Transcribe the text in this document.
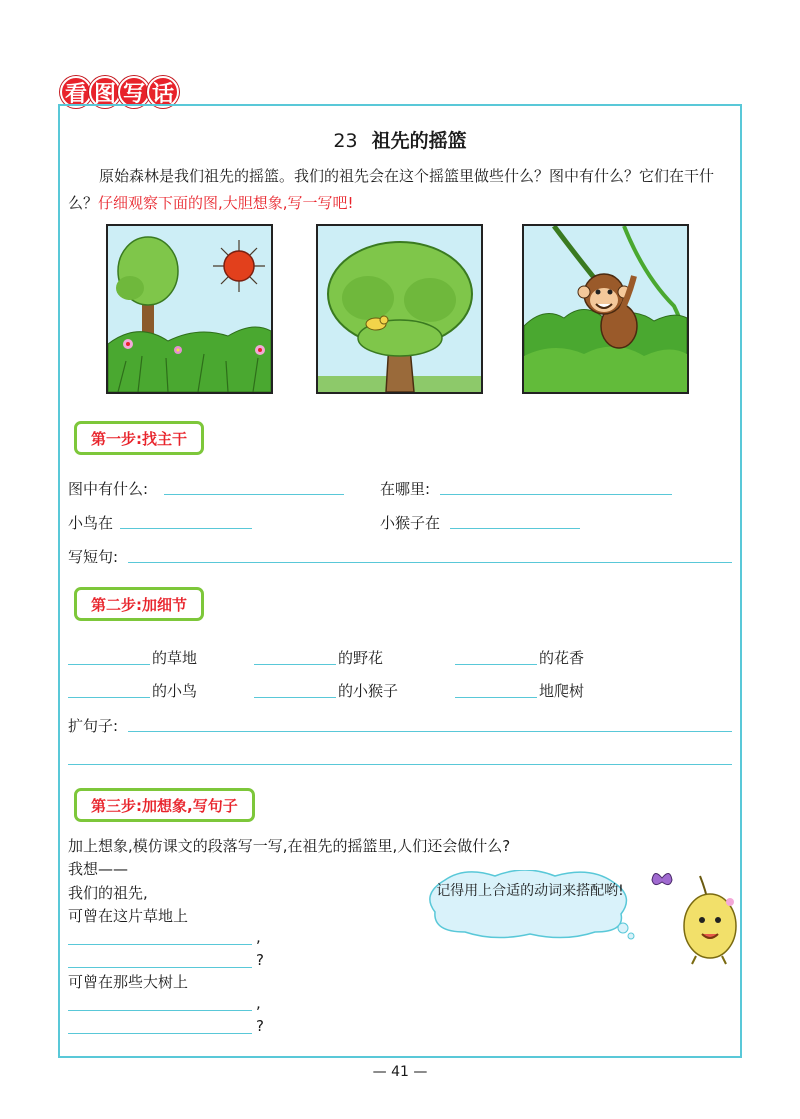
看 图 写 话
23 祖先的摇篮
原始森林是我们祖先的摇篮。我们的祖先会在这个摇篮里做些什么？图中有什么？它们在干什么？仔细观察下面的图,大胆想象,写一写吧!
第一步:找主干
图中有什么:	在哪里:
小鸟在	小猴子在
写短句:
第二步:加细节
的草地	的野花	的花香
的小鸟	的小猴子	地爬树
扩句子:
第三步:加想象,写句子
加上想象,模仿课文的段落写一写,在祖先的摇篮里,人们还会做什么?
我想——
我们的祖先,
可曾在这片草地上
,
?
可曾在那些大树上
,
?
记得用上合适的动词来搭配哟!
— 41 —
